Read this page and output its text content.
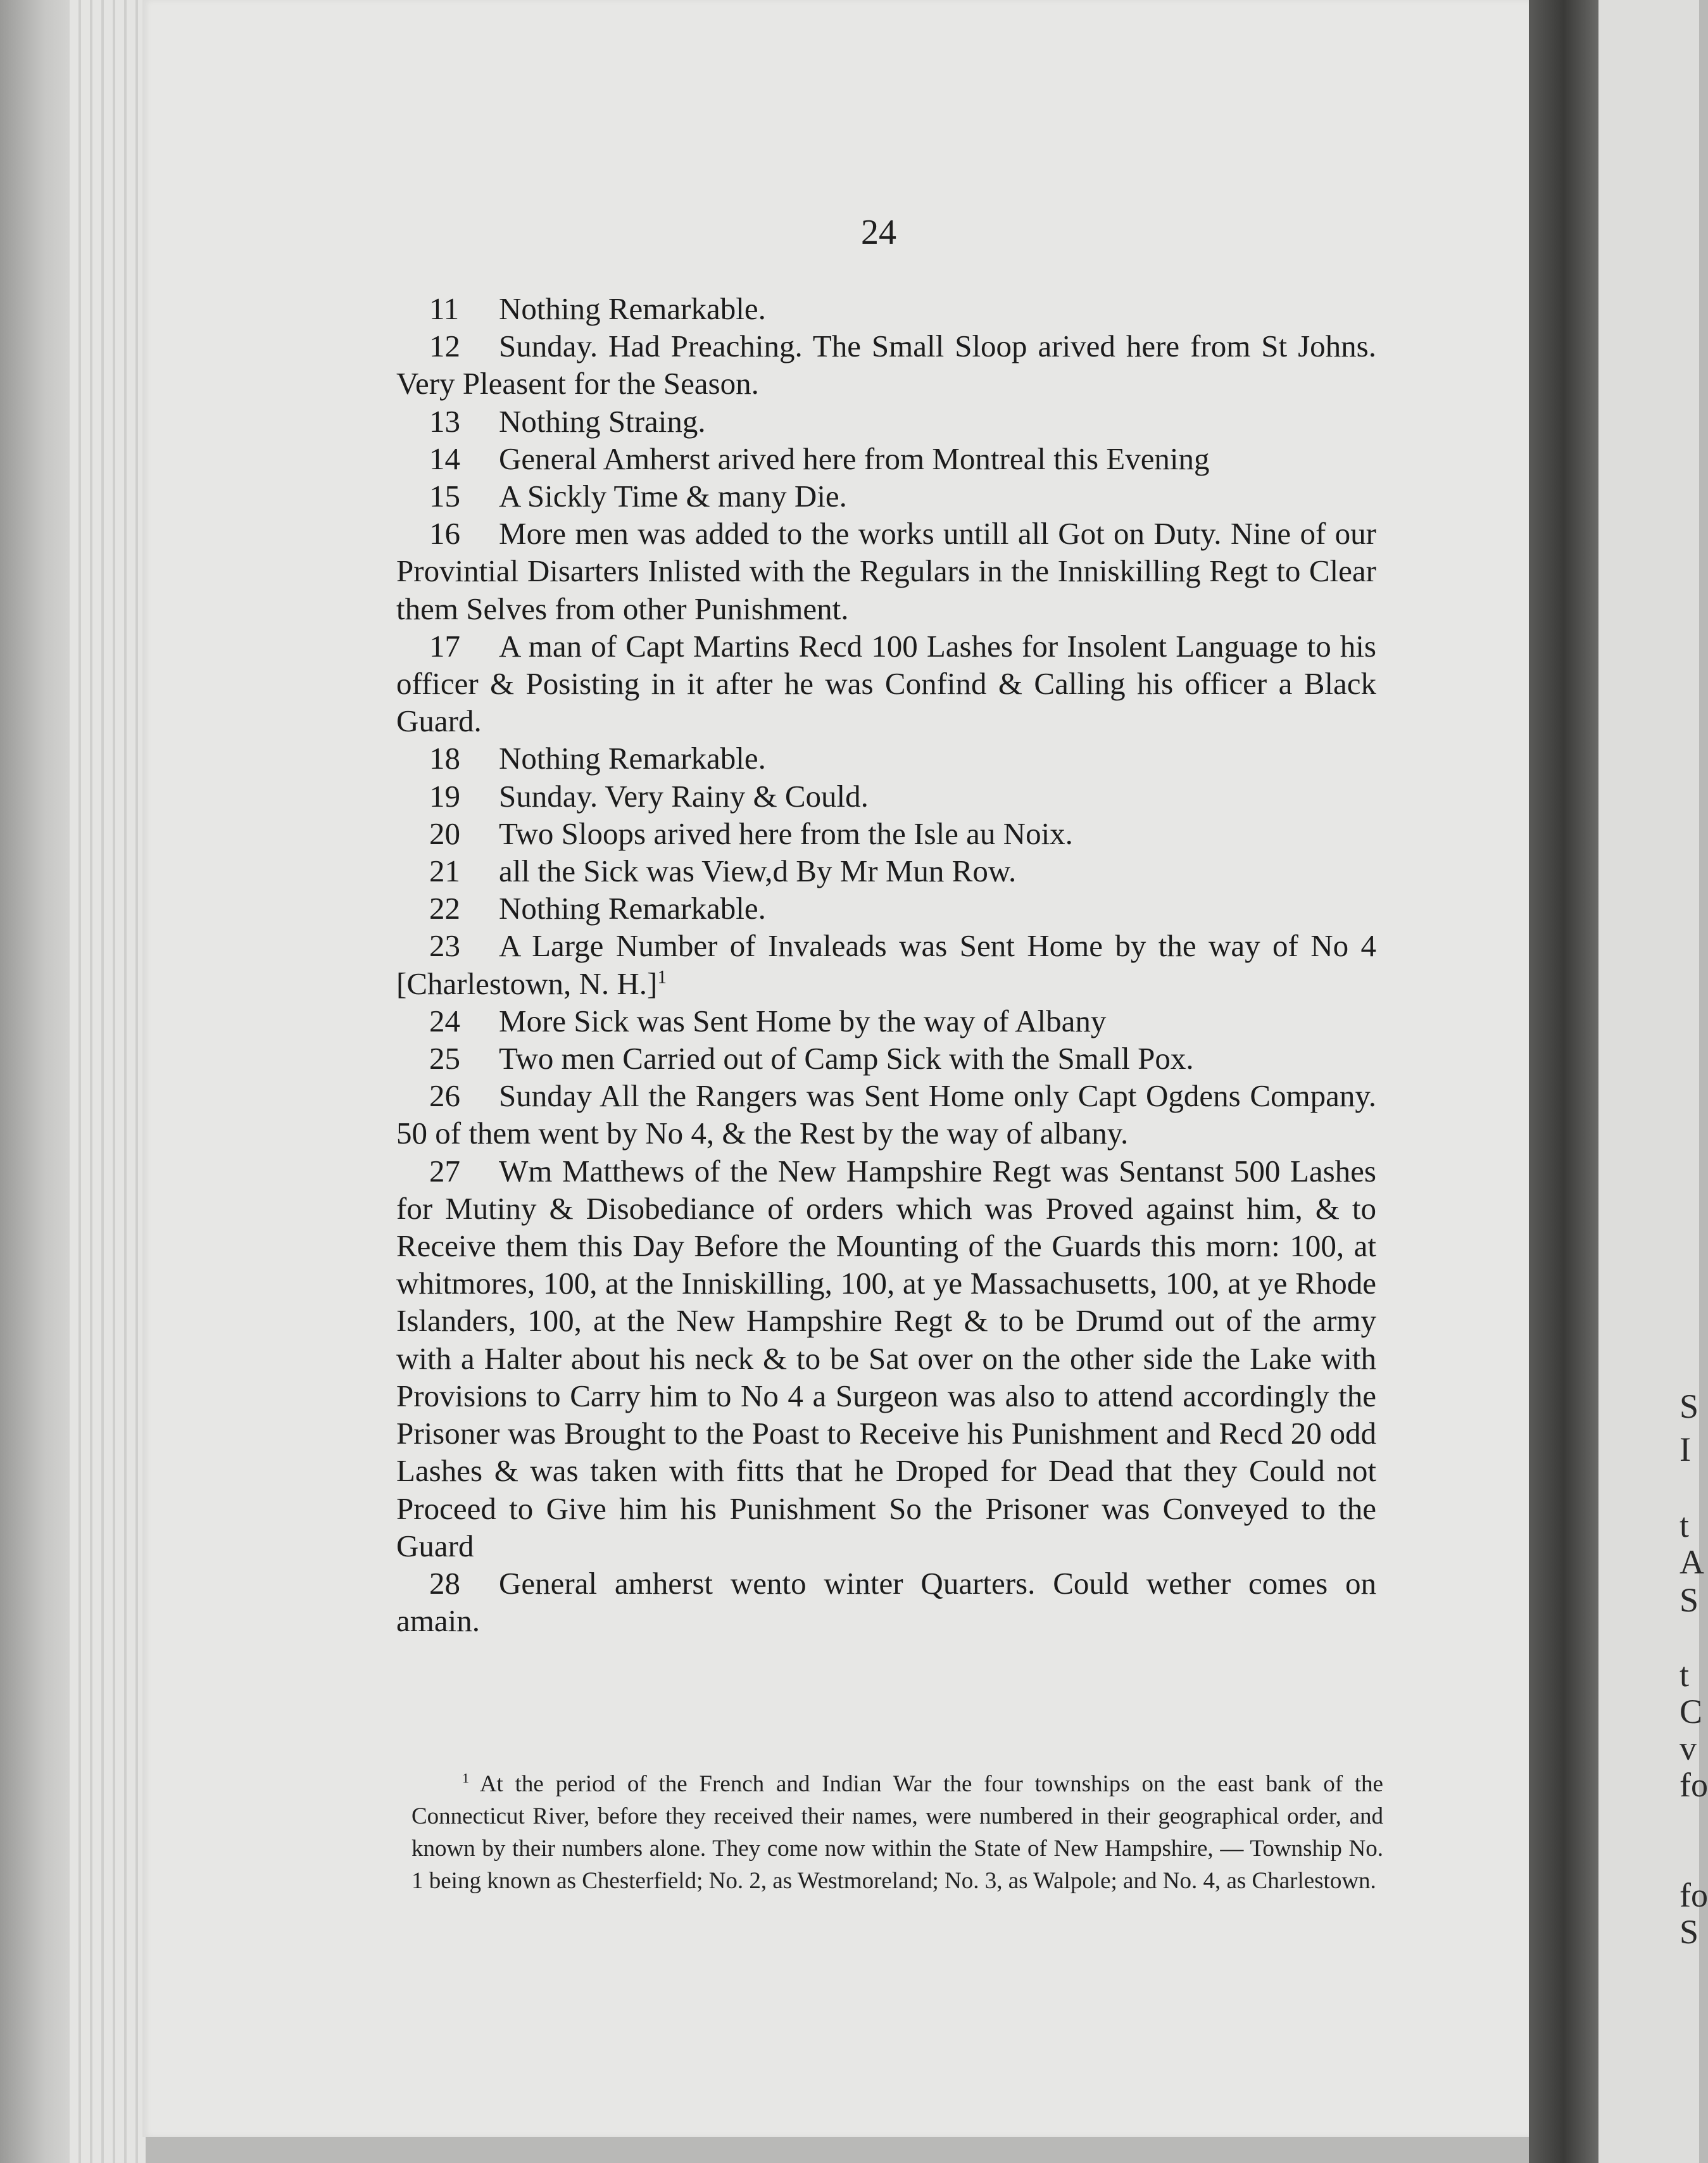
24
11 Nothing Remarkable.
12 Sunday. Had Preaching. The Small Sloop arived here from St Johns. Very Pleasent for the Season.
13 Nothing Straing.
14 General Amherst arived here from Montreal this Evening
15 A Sickly Time & many Die.
16 More men was added to the works untill all Got on Duty. Nine of our Provintial Disarters Inlisted with the Regulars in the Inniskilling Regt to Clear them Selves from other Punishment.
17 A man of Capt Martins Recd 100 Lashes for Insolent Language to his officer & Posisting in it after he was Confind & Calling his officer a Black Guard.
18 Nothing Remarkable.
19 Sunday. Very Rainy & Could.
20 Two Sloops arived here from the Isle au Noix.
21 all the Sick was View,d By Mr Mun Row.
22 Nothing Remarkable.
23 A Large Number of Invaleads was Sent Home by the way of No 4 [Charlestown, N. H.]$^1$
24 More Sick was Sent Home by the way of Albany
25 Two men Carried out of Camp Sick with the Small Pox.
26 Sunday All the Rangers was Sent Home only Capt Ogdens Company. 50 of them went by No 4, & the Rest by the way of albany.
27 Wm Matthews of the New Hampshire Regt was Sentanst 500 Lashes for Mutiny & Disobediance of orders which was Proved against him, & to Receive them this Day Before the Mounting of the Guards this morn: 100, at whitmores, 100, at the Inniskilling, 100, at ye Massachusetts, 100, at ye Rhode Islanders, 100, at the New Hampshire Regt & to be Drumd out of the army with a Halter about his neck & to be Sat over on the other side the Lake with Provisions to Carry him to No 4 a Surgeon was also to attend accordingly the Prisoner was Brought to the Poast to Receive his Punishment and Recd 20 odd Lashes & was taken with fitts that he Droped for Dead that they Could not Proceed to Give him his Punishment So the Prisoner was Conveyed to the Guard
28 General amherst wento winter Quarters. Could wether comes on amain.
$^1$ At the period of the French and Indian War the four townships on the east bank of the Connecticut River, before they received their names, were numbered in their geographical order, and known by their numbers alone. They come now within the State of New Hampshire, — Township No. 1 being known as Chesterfield; No. 2, as Westmoreland; No. 3, as Walpole; and No. 4, as Charlestown.
S
I
t
A
S
t
C
v
fo
fo
S
